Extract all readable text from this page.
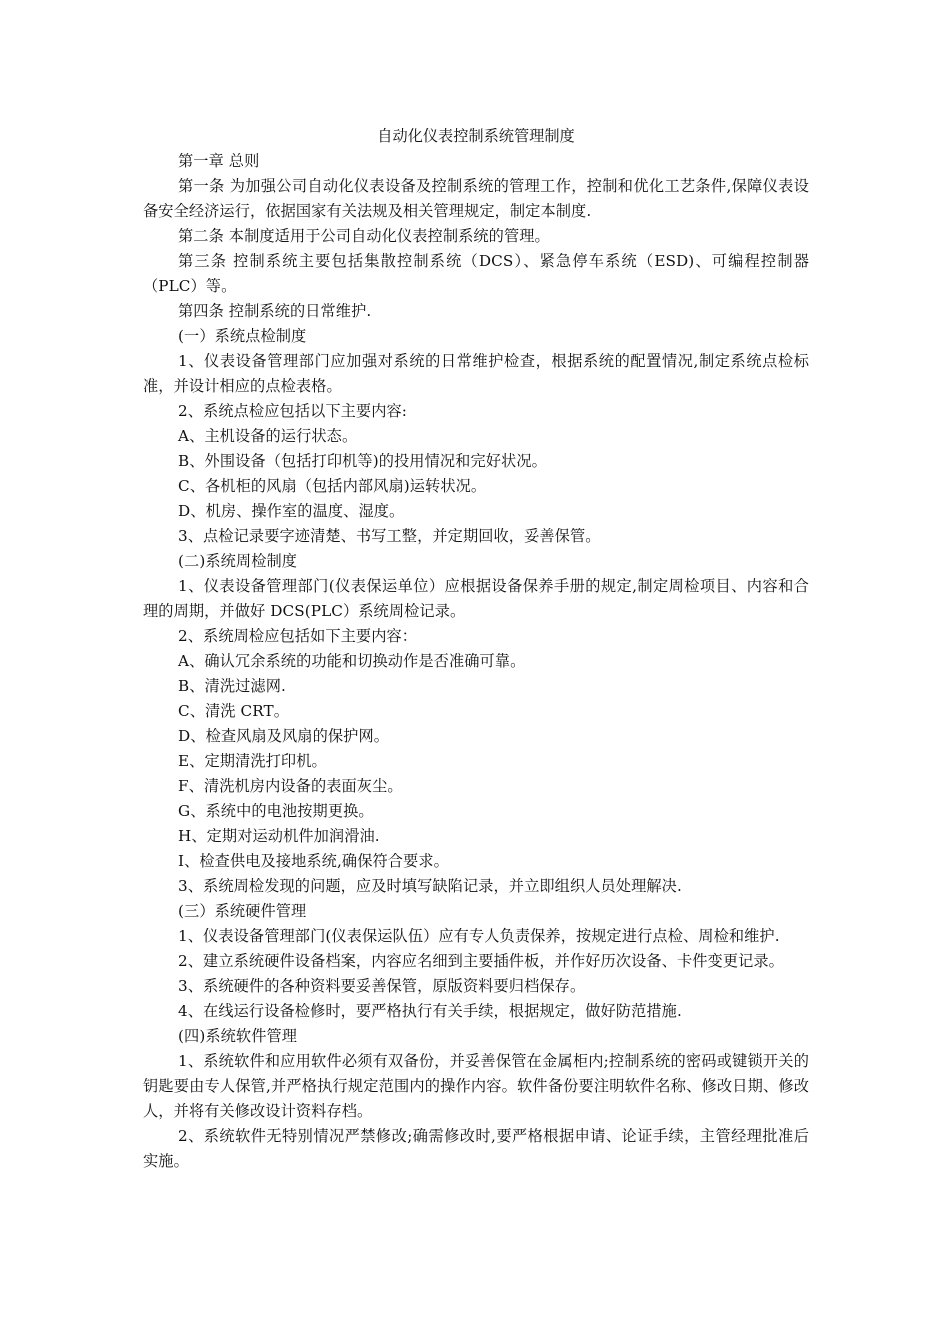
自动化仪表控制系统管理制度

第一章 总则

第一条 为加强公司自动化仪表设备及控制系统的管理工作，控制和优化工艺条件,保障仪表设备安全经济运行，依据国家有关法规及相关管理规定，制定本制度.

第二条 本制度适用于公司自动化仪表控制系统的管理。

第三条 控制系统主要包括集散控制系统（DCS）、紧急停车系统（ESD)、可编程控制器（PLC）等。

第四条 控制系统的日常维护.

(一）系统点检制度

1、仪表设备管理部门应加强对系统的日常维护检查，根据系统的配置情况,制定系统点检标准，并设计相应的点检表格。

2、系统点检应包括以下主要内容:

A、主机设备的运行状态。

B、外围设备（包括打印机等)的投用情况和完好状况。

C、各机柜的风扇（包括内部风扇)运转状况。

D、机房、操作室的温度、湿度。

3、点检记录要字迹清楚、书写工整，并定期回收，妥善保管。

(二)系统周检制度

1、仪表设备管理部门(仪表保运单位）应根据设备保养手册的规定,制定周检项目、内容和合理的周期，并做好 DCS(PLC）系统周检记录。

2、系统周检应包括如下主要内容：

A、确认冗余系统的功能和切换动作是否准确可靠。

B、清洗过滤网.

C、清洗 CRT。

D、检查风扇及风扇的保护网。

E、定期清洗打印机。

F、清洗机房内设备的表面灰尘。

G、系统中的电池按期更换。

H、定期对运动机件加润滑油.

I、检查供电及接地系统,确保符合要求。

3、系统周检发现的问题，应及时填写缺陷记录，并立即组织人员处理解决.

(三）系统硬件管理

1、仪表设备管理部门(仪表保运队伍）应有专人负责保养，按规定进行点检、周检和维护.

2、建立系统硬件设备档案，内容应名细到主要插件板，并作好历次设备、卡件变更记录。

3、系统硬件的各种资料要妥善保管，原版资料要归档保存。

4、在线运行设备检修时，要严格执行有关手续，根据规定，做好防范措施.

(四)系统软件管理

1、系统软件和应用软件必须有双备份，并妥善保管在金属柜内;控制系统的密码或键锁开关的钥匙要由专人保管,并严格执行规定范围内的操作内容。软件备份要注明软件名称、修改日期、修改人，并将有关修改设计资料存档。

2、系统软件无特别情况严禁修改;确需修改时,要严格根据申请、论证手续，主管经理批准后实施。
